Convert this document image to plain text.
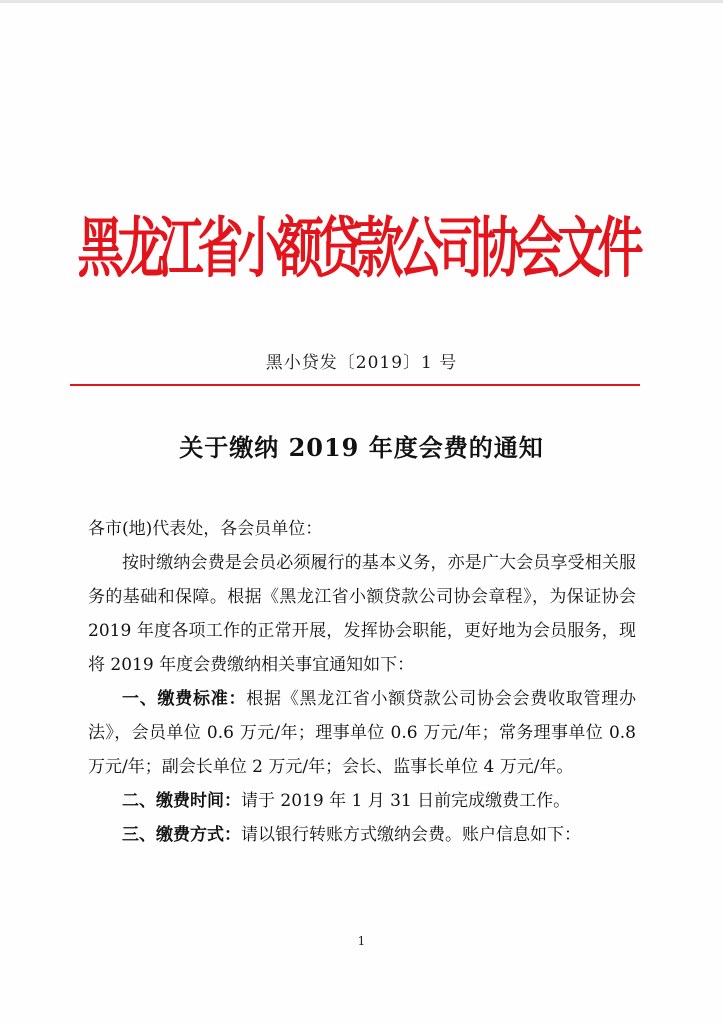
黑龙江省小额贷款公司协会文件
黑小贷发〔2019〕1 号
关于缴纳 2019 年度会费的通知

各市(地)代表处，各会员单位：

按时缴纳会费是会员必须履行的基本义务，亦是广大会员享受相关服务的基础和保障。根据《黑龙江省小额贷款公司协会章程》，为保证协会 2019 年度各项工作的正常开展，发挥协会职能，更好地为会员服务，现将 2019 年度会费缴纳相关事宜通知如下：

一、缴费标准：根据《黑龙江省小额贷款公司协会会费收取管理办法》，会员单位 0.6 万元/年；理事单位 0.6 万元/年；常务理事单位 0.8 万元/年；副会长单位 2 万元/年；会长、监事长单位 4 万元/年。

二、缴费时间：请于 2019 年 1 月 31 日前完成缴费工作。

三、缴费方式：请以银行转账方式缴纳会费。账户信息如下：

1
